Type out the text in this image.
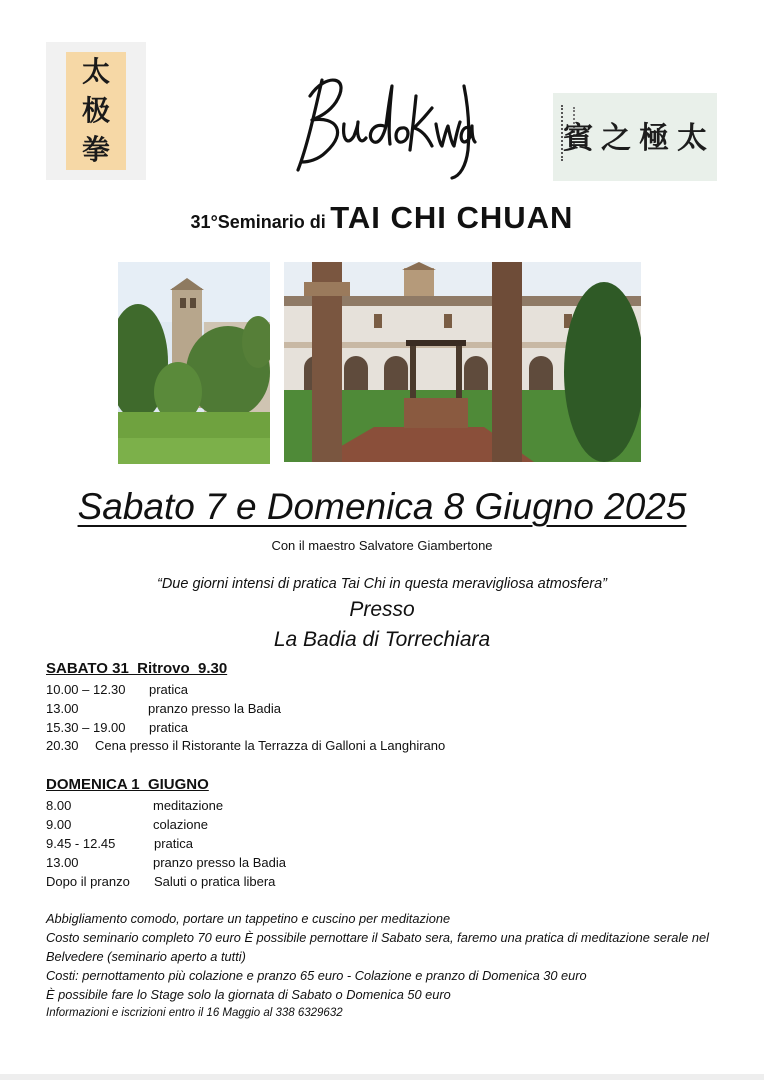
太
极
拳	賓 之 極 太
31°Seminario di TAI CHI CHUAN
Sabato 7 e Domenica 8 Giugno 2025
Con il maestro Salvatore Giambertone
“Due giorni intensi di pratica Tai Chi in questa meravigliosa atmosfera”
Presso
La Badia di Torrechiara
SABATO 31  Ritrovo  9.30
10.00 – 12.30 pratica
13.00	pranzo presso la Badia
15.30 – 19.00 pratica
20.30 Cena presso il Ristorante la Terrazza di Galloni a Langhirano
DOMENICA 1  GIUGNO
8.00	meditazione
9.00	colazione
9.45 - 12.45	pratica
13.00	pranzo presso la Badia
Dopo il pranzo Saluti o pratica libera
Abbigliamento comodo, portare un tappetino e cuscino per meditazione
Costo seminario completo 70 euro È possibile pernottare il Sabato sera, faremo una pratica di meditazione serale nel Belvedere (seminario aperto a tutti)
Costi: pernottamento più colazione e pranzo 65 euro - Colazione e pranzo di Domenica 30 euro
È possibile fare lo Stage solo la giornata di Sabato o Domenica 50 euro
Informazioni e iscrizioni entro il 16 Maggio al 338 6329632
